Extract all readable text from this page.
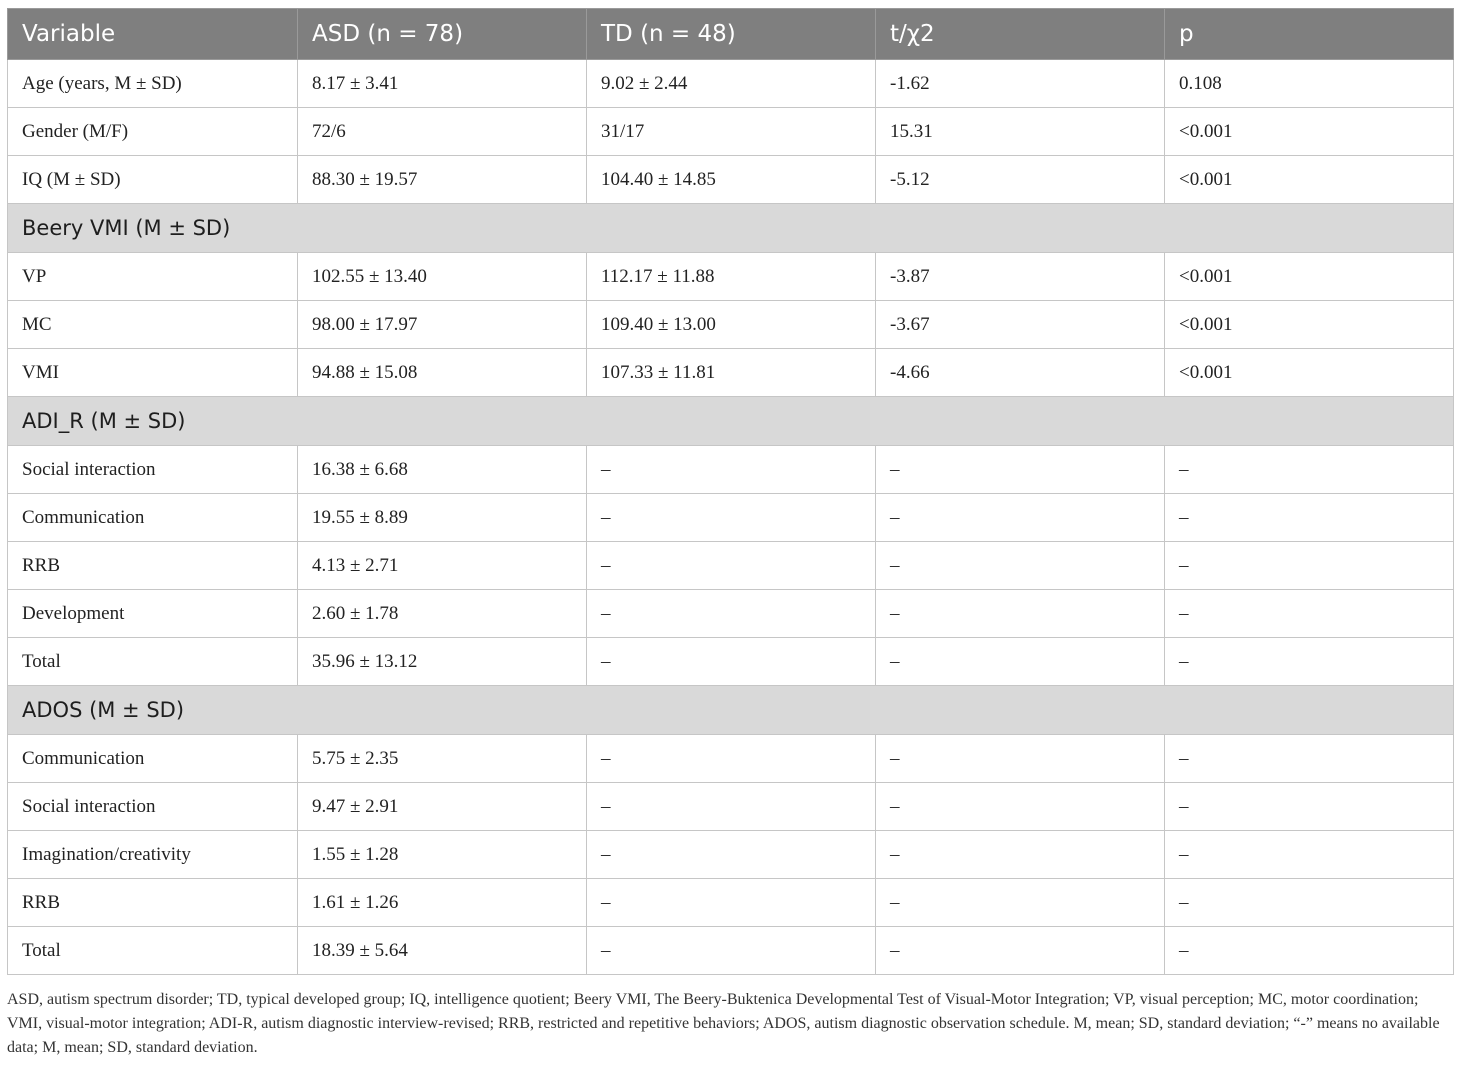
Variable	ASD (n = 78)	TD (n = 48)	t/χ2	p
Age (years, M ± SD)	8.17 ± 3.41	9.02 ± 2.44	-1.62	0.108
Gender (M/F)	72/6	31/17	15.31	<0.001
IQ (M ± SD)	88.30 ± 19.57	104.40 ± 14.85	-5.12	<0.001
Beery VMI (M ± SD)				
VP	102.55 ± 13.40	112.17 ± 11.88	-3.87	<0.001
MC	98.00 ± 17.97	109.40 ± 13.00	-3.67	<0.001
VMI	94.88 ± 15.08	107.33 ± 11.81	-4.66	<0.001
ADI_R (M ± SD)				
Social interaction	16.38 ± 6.68	–	–	–
Communication	19.55 ± 8.89	–	–	–
RRB	4.13 ± 2.71	–	–	–
Development	2.60 ± 1.78	–	–	–
Total	35.96 ± 13.12	–	–	–
ADOS (M ± SD)				
Communication	5.75 ± 2.35	–	–	–
Social interaction	9.47 ± 2.91	–	–	–
Imagination/creativity	1.55 ± 1.28	–	–	–
RRB	1.61 ± 1.26	–	–	–
Total	18.39 ± 5.64	–	–	–
ASD, autism spectrum disorder; TD, typical developed group; IQ, intelligence quotient; Beery VMI, The Beery-Buktenica Developmental Test of Visual-Motor Integration; VP, visual perception; MC, motor coordination; VMI, visual-motor integration; ADI-R, autism diagnostic interview-revised; RRB, restricted and repetitive behaviors; ADOS, autism diagnostic observation schedule. M, mean; SD, standard deviation; “-” means no available data; M, mean; SD, standard deviation.
